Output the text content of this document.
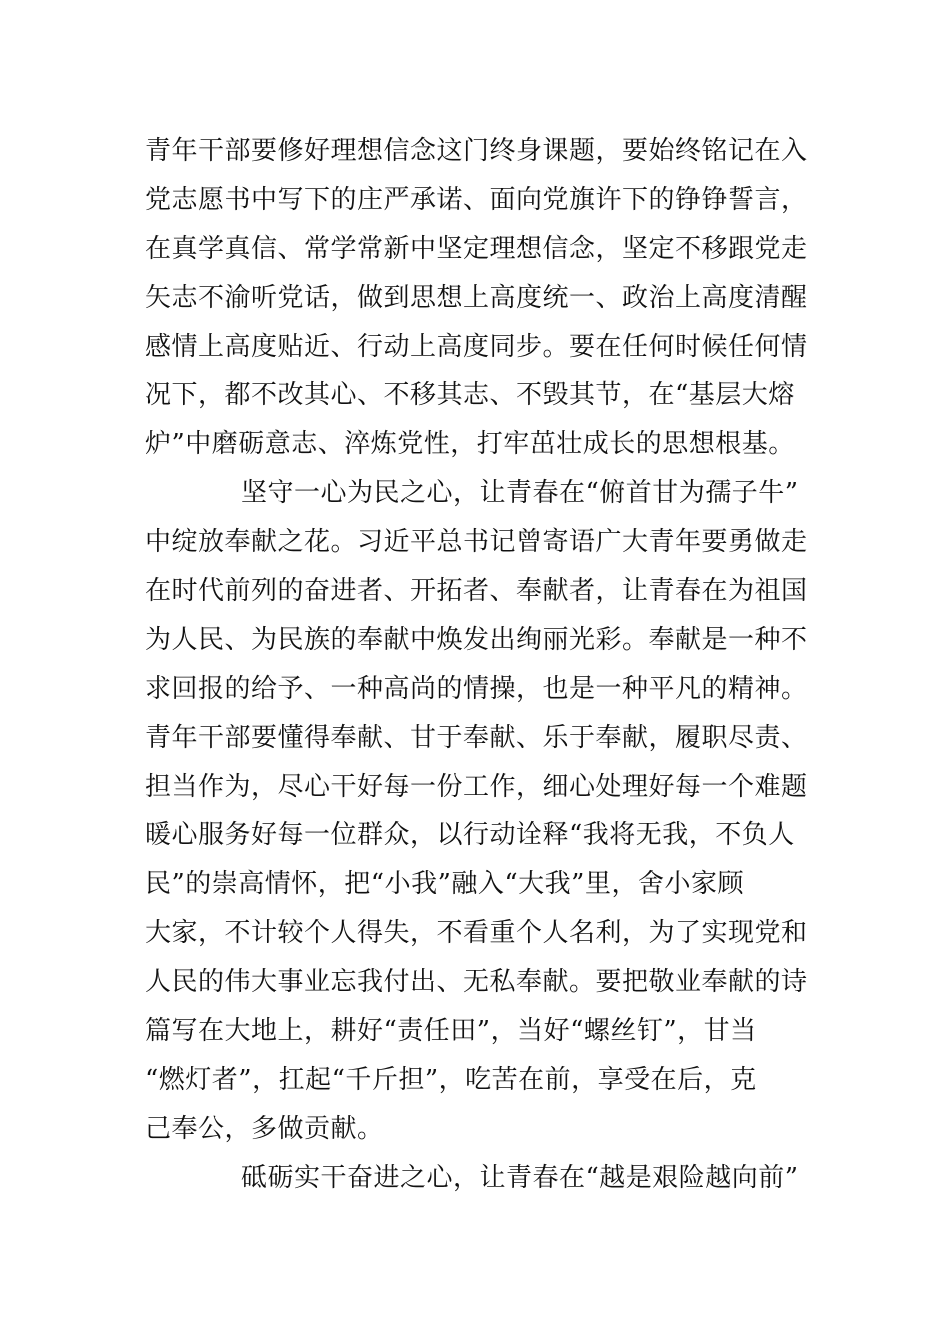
青年干部要修好理想信念这门终身课题，要始终铭记在入
党志愿书中写下的庄严承诺、面向党旗许下的铮铮誓言，
在真学真信、常学常新中坚定理想信念，坚定不移跟党走
矢志不渝听党话，做到思想上高度统一、政治上高度清醒
感情上高度贴近、行动上高度同步。要在任何时候任何情
况下，都不改其心、不移其志、不毁其节，在“基层大熔
炉”中磨砺意志、淬炼党性，打牢茁壮成长的思想根基。
坚守一心为民之心，让青春在“俯首甘为孺子牛”
中绽放奉献之花。习近平总书记曾寄语广大青年要勇做走
在时代前列的奋进者、开拓者、奉献者，让青春在为祖国
为人民、为民族的奉献中焕发出绚丽光彩。奉献是一种不
求回报的给予、一种高尚的情操，也是一种平凡的精神。
青年干部要懂得奉献、甘于奉献、乐于奉献，履职尽责、
担当作为，尽心干好每一份工作，细心处理好每一个难题
暖心服务好每一位群众，以行动诠释“我将无我，不负人
民”的崇高情怀，把“小我”融入“大我”里，舍小家顾
大家，不计较个人得失，不看重个人名利，为了实现党和
人民的伟大事业忘我付出、无私奉献。要把敬业奉献的诗
篇写在大地上，耕好“责任田”，当好“螺丝钉”，甘当
“燃灯者”，扛起“千斤担”，吃苦在前，享受在后，克
己奉公，多做贡献。
砥砺实干奋进之心，让青春在“越是艰险越向前”
